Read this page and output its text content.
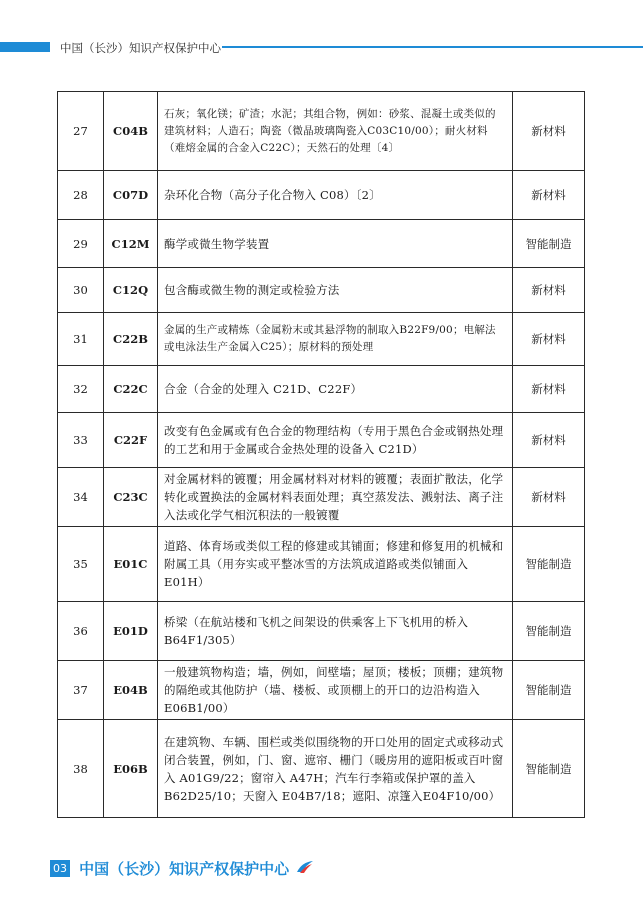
中国（长沙）知识产权保护中心
27	C04B	石灰；氧化镁；矿渣；水泥；其组合物，例如：砂浆、混凝土或类似的建筑材料；人造石；陶瓷（微晶玻璃陶瓷入C03C10/00）；耐火材料（难熔金属的合金入C22C）；天然石的处理〔4〕	新材料
28	C07D	杂环化合物（高分子化合物入 C08）〔2〕	新材料
29	C12M	酶学或微生物学装置	智能制造
30	C12Q	包含酶或微生物的测定或检验方法	新材料
31	C22B	金属的生产或精炼（金属粉末或其悬浮物的制取入B22F9/00；电解法或电泳法生产金属入C25）；原材料的预处理	新材料
32	C22C	合金（合金的处理入 C21D、C22F）	新材料
33	C22F	改变有色金属或有色合金的物理结构（专用于黑色合金或钢热处理的工艺和用于金属或合金热处理的设备入 C21D）	新材料
34	C23C	对金属材料的镀覆；用金属材料对材料的镀覆；表面扩散法，化学转化或置换法的金属材料表面处理；真空蒸发法、溅射法、离子注入法或化学气相沉积法的一般镀覆	新材料
35	E01C	道路、体育场或类似工程的修建或其铺面；修建和修复用的机械和附属工具（用夯实或平整冰雪的方法筑成道路或类似铺面入 E01H）	智能制造
36	E01D	桥梁（在航站楼和飞机之间架设的供乘客上下飞机用的桥入B64F1/305）	智能制造
37	E04B	一般建筑物构造；墙，例如，间壁墙；屋顶；楼板；顶棚；建筑物的隔绝或其他防护（墙、楼板、或顶棚上的开口的边沿构造入 E06B1/00）	智能制造
38	E06B	在建筑物、车辆、围栏或类似围绕物的开口处用的固定式或移动式闭合装置，例如，门、窗、遮帘、栅门（暖房用的遮阳板或百叶窗入 A01G9/22；窗帘入 A47H；汽车行李箱或保护罩的盖入 B62D25/10；天窗入 E04B7/18；遮阳、凉篷入E04F10/00）	智能制造
03 中国（长沙）知识产权保护中心
